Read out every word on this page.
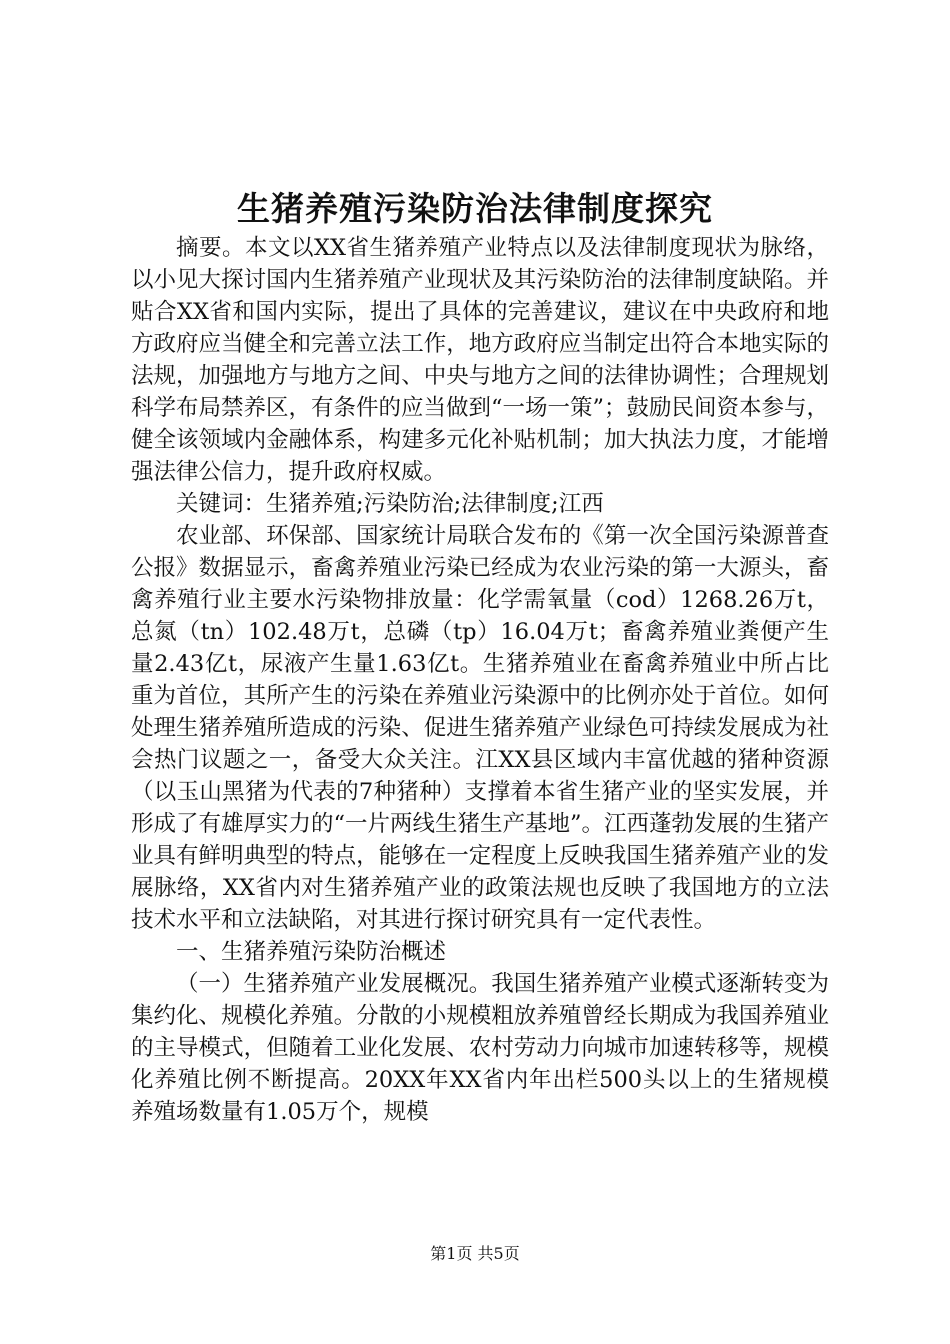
生猪养殖污染防治法律制度探究

摘要。本文以XX省生猪养殖产业特点以及法律制度现状为脉络，以小见大探讨国内生猪养殖产业现状及其污染防治的法律制度缺陷。并贴合XX省和国内实际，提出了具体的完善建议，建议在中央政府和地方政府应当健全和完善立法工作，地方政府应当制定出符合本地实际的法规，加强地方与地方之间、中央与地方之间的法律协调性；合理规划科学布局禁养区，有条件的应当做到“一场一策”；鼓励民间资本参与，健全该领域内金融体系，构建多元化补贴机制；加大执法力度，才能增强法律公信力，提升政府权威。

关键词：生猪养殖;污染防治;法律制度;江西

农业部、环保部、国家统计局联合发布的《第一次全国污染源普查公报》数据显示，畜禽养殖业污染已经成为农业污染的第一大源头，畜禽养殖行业主要水污染物排放量：化学需氧量（cod）1268.26万t，总氮（tn）102.48万t，总磷（tp）16.04万t；畜禽养殖业粪便产生量2.43亿t，尿液产生量1.63亿t。生猪养殖业在畜禽养殖业中所占比重为首位，其所产生的污染在养殖业污染源中的比例亦处于首位。如何处理生猪养殖所造成的污染、促进生猪养殖产业绿色可持续发展成为社会热门议题之一，备受大众关注。江XX县区域内丰富优越的猪种资源（以玉山黑猪为代表的7种猪种）支撑着本省生猪产业的坚实发展，并形成了有雄厚实力的“一片两线生猪生产基地”。江西蓬勃发展的生猪产业具有鲜明典型的特点，能够在一定程度上反映我国生猪养殖产业的发展脉络，XX省内对生猪养殖产业的政策法规也反映了我国地方的立法技术水平和立法缺陷，对其进行探讨研究具有一定代表性。

一、生猪养殖污染防治概述

（一）生猪养殖产业发展概况。我国生猪养殖产业模式逐渐转变为集约化、规模化养殖。分散的小规模粗放养殖曾经长期成为我国养殖业的主导模式，但随着工业化发展、农村劳动力向城市加速转移等，规模化养殖比例不断提高。20XX年XX省内年出栏500头以上的生猪规模养殖场数量有1.05万个，规模

第1页 共5页
